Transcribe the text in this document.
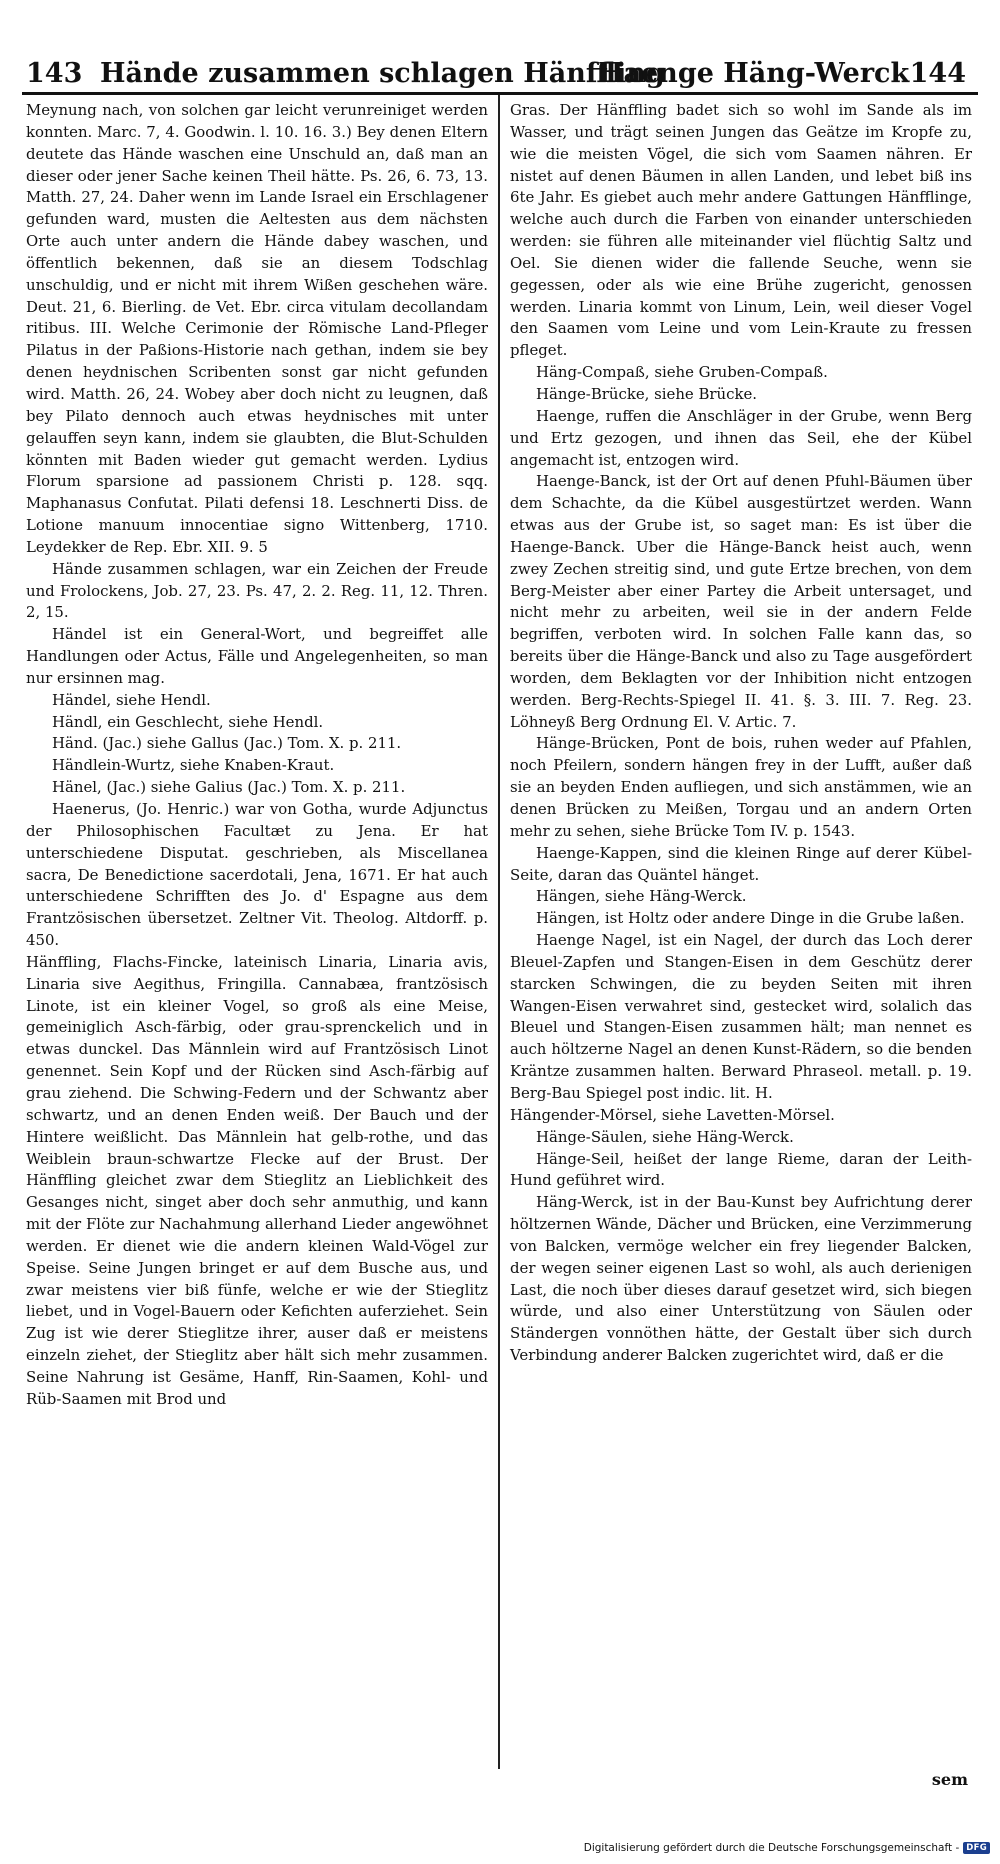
143 Hände zusammen schlagen Hänffling
Haenge Häng-Werck 144

Meynung nach, von solchen gar leicht verunreiniget werden konnten. Marc. 7, 4. Goodwin. l. 10. 16. 3.) Bey denen Eltern deutete das Hände waschen eine Unschuld an, daß man an dieser oder jener Sache keinen Theil hätte. Ps. 26, 6. 73, 13. Matth. 27, 24. Daher wenn im Lande Israel ein Erschlagener gefunden ward, musten die Aeltesten aus dem nächsten Orte auch unter andern die Hände dabey waschen, und öffentlich bekennen, daß sie an diesem Todschlag unschuldig, und er nicht mit ihrem Wißen geschehen wäre. Deut. 21, 6. Bierling. de Vet. Ebr. circa vitulam decollandam ritibus. III. Welche Cerimonie der Römische Land-Pfleger Pilatus in der Paßions-Historie nach gethan, indem sie bey denen heydnischen Scribenten sonst gar nicht gefunden wird. Matth. 26, 24. Wobey aber doch nicht zu leugnen, daß bey Pilato dennoch auch etwas heydnisches mit unter gelauffen seyn kann, indem sie glaubten, die Blut-Schulden könnten mit Baden wieder gut gemacht werden. Lydius Florum sparsione ad passionem Christi p. 128. sqq. Maphanasus Confutat. Pilati defensi 18. Leschnerti Diss. de Lotione manuum innocentiae signo Wittenberg, 1710. Leydekker de Rep. Ebr. XII. 9. 5

Hände zusammen schlagen, war ein Zeichen der Freude und Frolockens, Job. 27, 23. Ps. 47, 2. 2. Reg. 11, 12. Thren. 2, 15.

Händel ist ein General-Wort, und begreiffet alle Handlungen oder Actus, Fälle und Angelegenheiten, so man nur ersinnen mag.

Händel, siehe Hendl.

Händl, ein Geschlecht, siehe Hendl.

Händ. (Jac.) siehe Gallus (Jac.) Tom. X. p. 211.

Händlein-Wurtz, siehe Knaben-Kraut.

Hänel, (Jac.) siehe Galius (Jac.) Tom. X. p. 211.

Haenerus, (Jo. Henric.) war von Gotha, wurde Adjunctus der Philosophischen Facultæt zu Jena. Er hat unterschiedene Disputat. geschrieben, als Miscellanea sacra, De Benedictione sacerdotali, Jena, 1671. Er hat auch unterschiedene Schrifften des Jo. d' Espagne aus dem Frantzösischen übersetzet. Zeltner Vit. Theolog. Altdorff. p. 450.

Hänffling, Flachs-Fincke, lateinisch Linaria, Linaria avis, Linaria sive Aegithus, Fringilla. Cannabæa, frantzösisch Linote, ist ein kleiner Vogel, so groß als eine Meise, gemeiniglich Asch-färbig, oder grau-sprenckelich und in etwas dunckel. Das Männlein wird auf Frantzösisch Linot genennet. Sein Kopf und der Rücken sind Asch-färbig auf grau ziehend. Die Schwing-Federn und der Schwantz aber schwartz, und an denen Enden weiß. Der Bauch und der Hintere weißlicht. Das Männlein hat gelb-rothe, und das Weiblein braun-schwartze Flecke auf der Brust. Der Hänffling gleichet zwar dem Stieglitz an Lieblichkeit des Gesanges nicht, singet aber doch sehr anmuthig, und kann mit der Flöte zur Nachahmung allerhand Lieder angewöhnet werden. Er dienet wie die andern kleinen Wald-Vögel zur Speise. Seine Jungen bringet er auf dem Busche aus, und zwar meistens vier biß fünfe, welche er wie der Stieglitz liebet, und in Vogel-Bauern oder Kefichten auferziehet. Sein Zug ist wie derer Stieglitze ihrer, auser daß er meistens einzeln ziehet, der Stieglitz aber hält sich mehr zusammen. Seine Nahrung ist Gesäme, Hanff, Rin-Saamen, Kohl- und Rüb-Saamen mit Brod und

Gras. Der Hänffling badet sich so wohl im Sande als im Wasser, und trägt seinen Jungen das Geätze im Kropfe zu, wie die meisten Vögel, die sich vom Saamen nähren. Er nistet auf denen Bäumen in allen Landen, und lebet biß ins 6te Jahr. Es giebet auch mehr andere Gattungen Hänfflinge, welche auch durch die Farben von einander unterschieden werden: sie führen alle miteinander viel flüchtig Saltz und Oel. Sie dienen wider die fallende Seuche, wenn sie gegessen, oder als wie eine Brühe zugericht, genossen werden. Linaria kommt von Linum, Lein, weil dieser Vogel den Saamen vom Leine und vom Lein-Kraute zu fressen pfleget.

Häng-Compaß, siehe Gruben-Compaß.

Hänge-Brücke, siehe Brücke.

Haenge, ruffen die Anschläger in der Grube, wenn Berg und Ertz gezogen, und ihnen das Seil, ehe der Kübel angemacht ist, entzogen wird.

Haenge-Banck, ist der Ort auf denen Pfuhl-Bäumen über dem Schachte, da die Kübel ausgestürtzet werden. Wann etwas aus der Grube ist, so saget man: Es ist über die Haenge-Banck. Uber die Hänge-Banck heist auch, wenn zwey Zechen streitig sind, und gute Ertze brechen, von dem Berg-Meister aber einer Partey die Arbeit untersaget, und nicht mehr zu arbeiten, weil sie in der andern Felde begriffen, verboten wird. In solchen Falle kann das, so bereits über die Hänge-Banck und also zu Tage ausgefördert worden, dem Beklagten vor der Inhibition nicht entzogen werden. Berg-Rechts-Spiegel II. 41. §. 3. III. 7. Reg. 23. Löhneyß Berg Ordnung El. V. Artic. 7.

Hänge-Brücken, Pont de bois, ruhen weder auf Pfahlen, noch Pfeilern, sondern hängen frey in der Lufft, außer daß sie an beyden Enden aufliegen, und sich anstämmen, wie an denen Brücken zu Meißen, Torgau und an andern Orten mehr zu sehen, siehe Brücke Tom IV. p. 1543.

Haenge-Kappen, sind die kleinen Ringe auf derer Kübel-Seite, daran das Quäntel hänget.

Hängen, siehe Häng-Werck.

Hängen, ist Holtz oder andere Dinge in die Grube laßen.

Haenge Nagel, ist ein Nagel, der durch das Loch derer Bleuel-Zapfen und Stangen-Eisen in dem Geschütz derer starcken Schwingen, die zu beyden Seiten mit ihren Wangen-Eisen verwahret sind, gestecket wird, solalich das Bleuel und Stangen-Eisen zusammen hält; man nennet es auch höltzerne Nagel an denen Kunst-Rädern, so die benden Kräntze zusammen halten. Berward Phraseol. metall. p. 19. Berg-Bau Spiegel post indic. lit. H.

Hängender-Mörsel, siehe Lavetten-Mörsel.

Hänge-Säulen, siehe Häng-Werck.

Hänge-Seil, heißet der lange Rieme, daran der Leith-Hund geführet wird.

Häng-Werck, ist in der Bau-Kunst bey Aufrichtung derer höltzernen Wände, Dächer und Brücken, eine Verzimmerung von Balcken, vermöge welcher ein frey liegender Balcken, der wegen seiner eigenen Last so wohl, als auch derienigen Last, die noch über dieses darauf gesetzet wird, sich biegen würde, und also einer Unterstützung von Säulen oder Ständergen vonnöthen hätte, der Gestalt über sich durch Verbindung anderer Balcken zugerichtet wird, daß er die

sem
Digitalisierung gefördert durch die Deutsche Forschungsgemeinschaft - DFG
